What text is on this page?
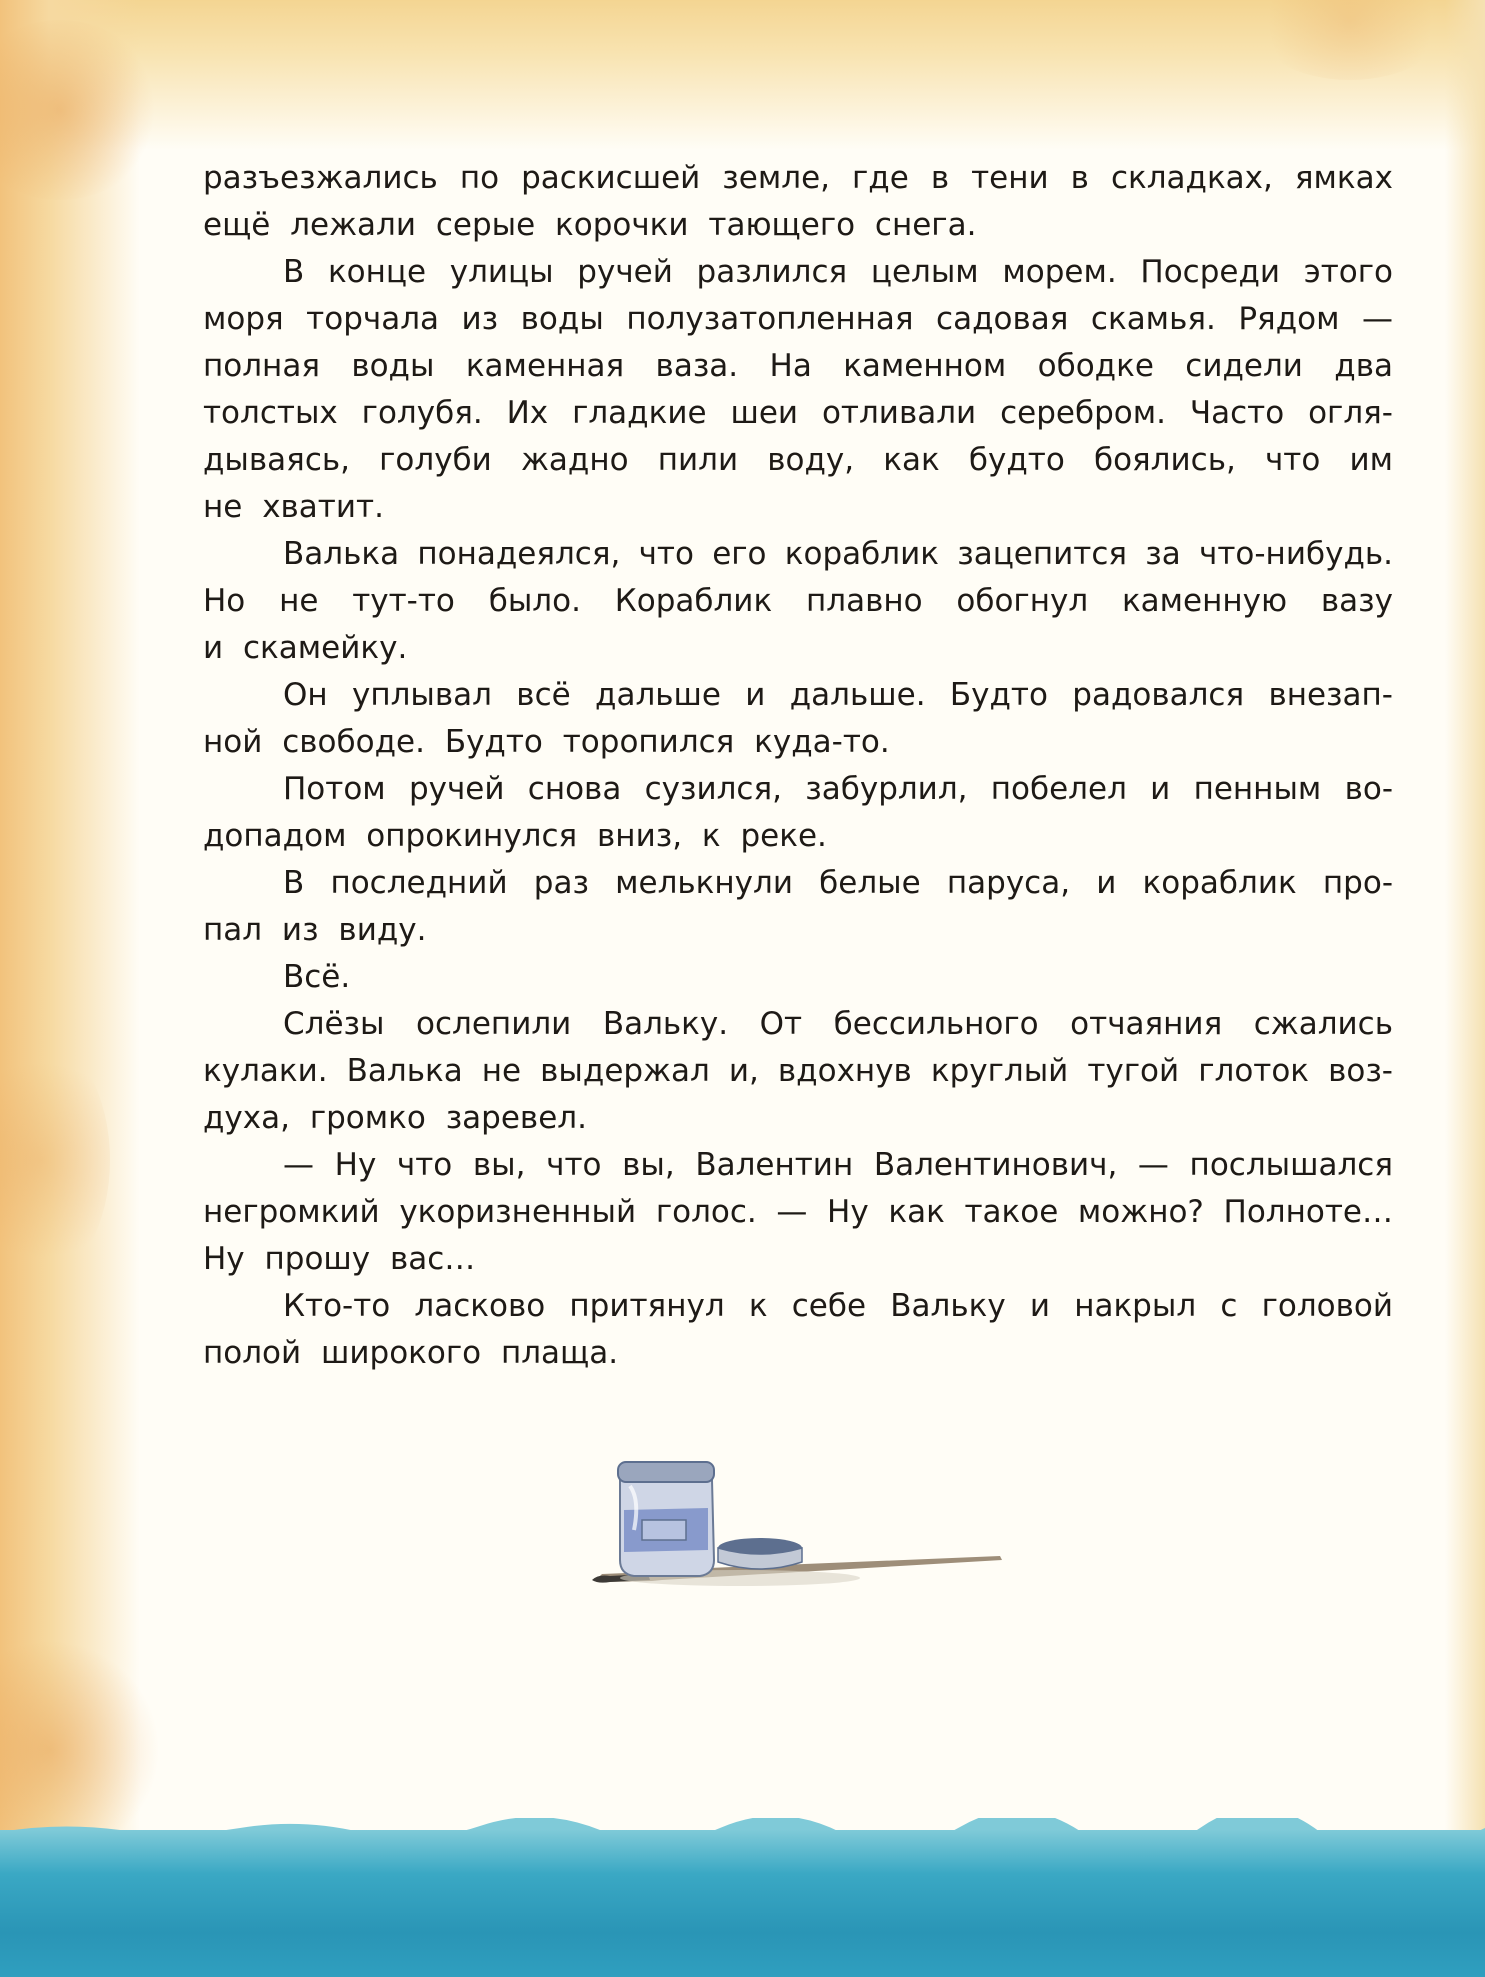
разъезжались по раскисшей земле, где в тени в складках, ямках
ещё лежали серые корочки тающего снега.
В конце улицы ручей разлился целым морем. Посреди этого
моря торчала из воды полузатопленная садовая скамья. Рядом —
полная воды каменная ваза. На каменном ободке сидели два
толстых голубя. Их гладкие шеи отливали серебром. Часто огля-
дываясь, голуби жадно пили воду, как будто боялись, что им
не хватит.
Валька понадеялся, что его кораблик зацепится за что-нибудь.
Но не тут-то было. Кораблик плавно обогнул каменную вазу
и скамейку.
Он уплывал всё дальше и дальше. Будто радовался внезап-
ной свободе. Будто торопился куда-то.
Потом ручей снова сузился, забурлил, побелел и пенным во-
допадом опрокинулся вниз, к реке.
В последний раз мелькнули белые паруса, и кораблик про-
пал из виду.
Всё.
Слёзы ослепили Вальку. От бессильного отчаяния сжались
кулаки. Валька не выдержал и, вдохнув круглый тугой глоток воз-
духа, громко заревел.
— Ну что вы, что вы, Валентин Валентинович, — послышался
негромкий укоризненный голос. — Ну как такое можно? Полноте…
Ну прошу вас…
Кто-то ласково притянул к себе Вальку и накрыл с головой
полой широкого плаща.
